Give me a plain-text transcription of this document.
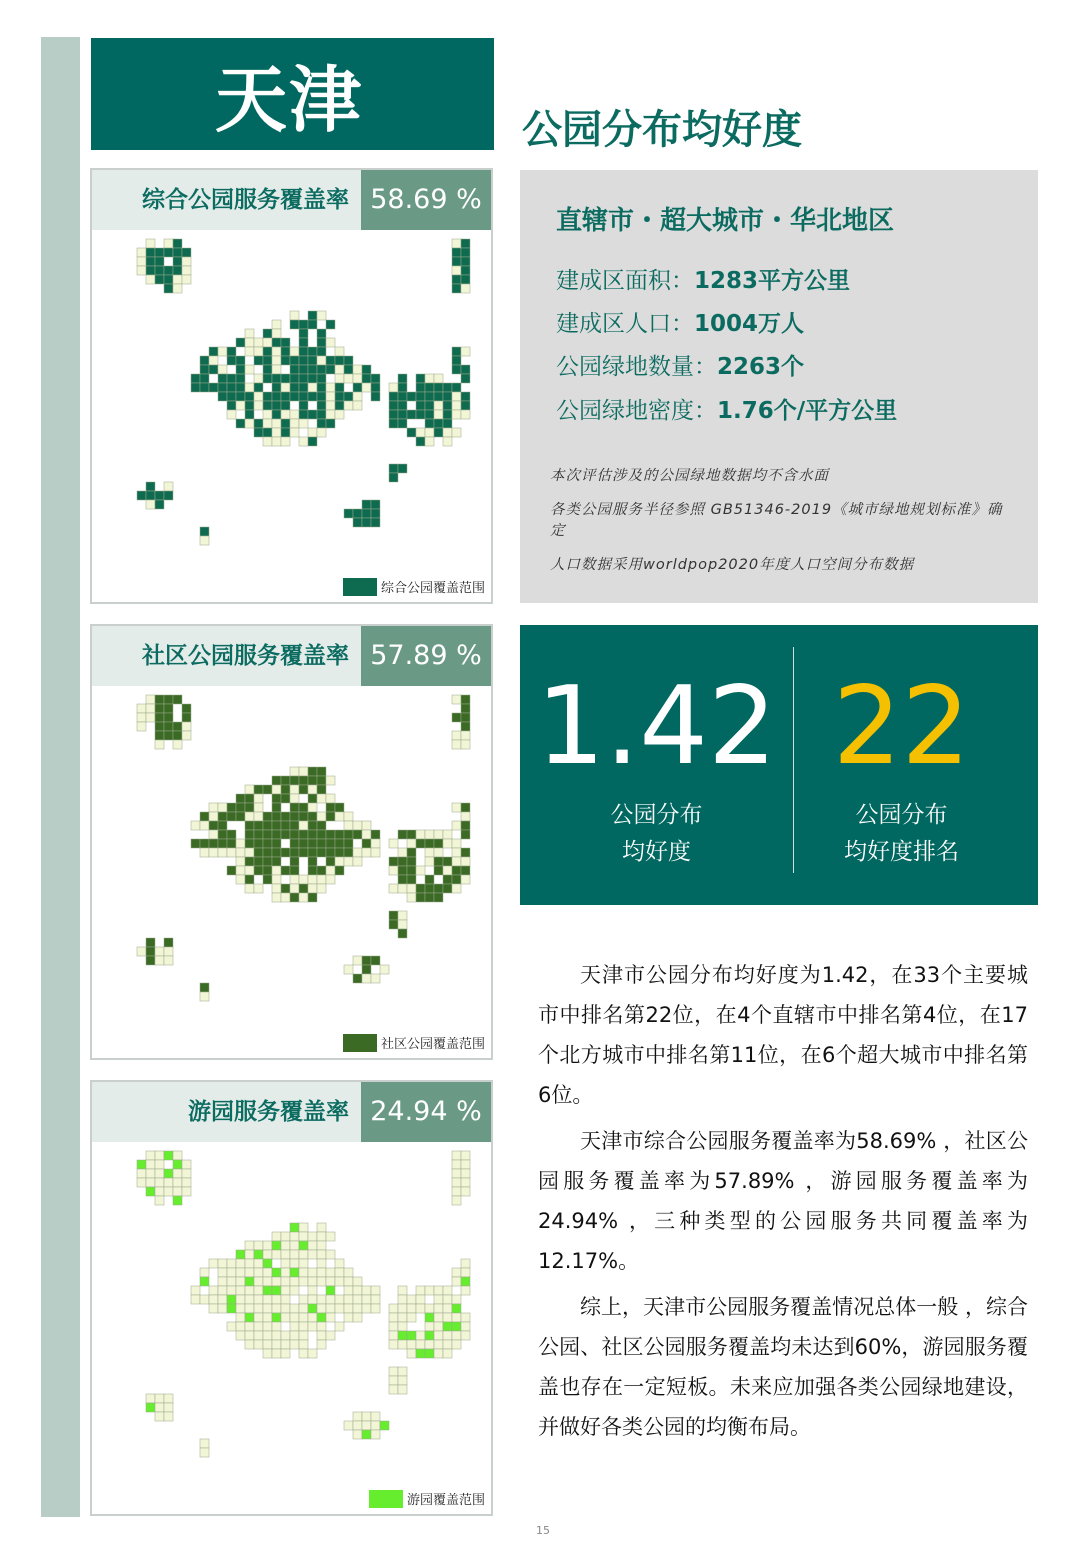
天津	公园分布均好度
综合公园服务覆盖率 58.69 %
综合公园覆盖范围
社区公园服务覆盖率 57.89 %
社区公园覆盖范围
游园服务覆盖率 24.94 %
游园覆盖范围
直辖市・超大城市・华北地区
建成区面积：1283平方公里
建成区人口：1004万人
公园绿地数量：2263个
公园绿地密度：1.76个/平方公里
本次评估涉及的公园绿地数据均不含水面
各类公园服务半径参照 GB51346-2019《城市绿地规划标准》确定
人口数据采用worldpop2020年度人口空间分布数据
1.42
公园分布
均好度
22
公园分布
均好度排名

天津市公园分布均好度为1.42，在33个主要城市中排名第22位，在4个直辖市中排名第4位，在17个北方城市中排名第11位，在6个超大城市中排名第6位。

天津市综合公园服务覆盖率为58.69% ，社区公园服务覆盖率为57.89% ，游园服务覆盖率为24.94% ，三种类型的公园服务共同覆盖率为12.17%。

综上，天津市公园服务覆盖情况总体一般 ，综合公园、社区公园服务覆盖均未达到60%，游园服务覆盖也存在一定短板。未来应加强各类公园绿地建设，并做好各类公园的均衡布局。

15
